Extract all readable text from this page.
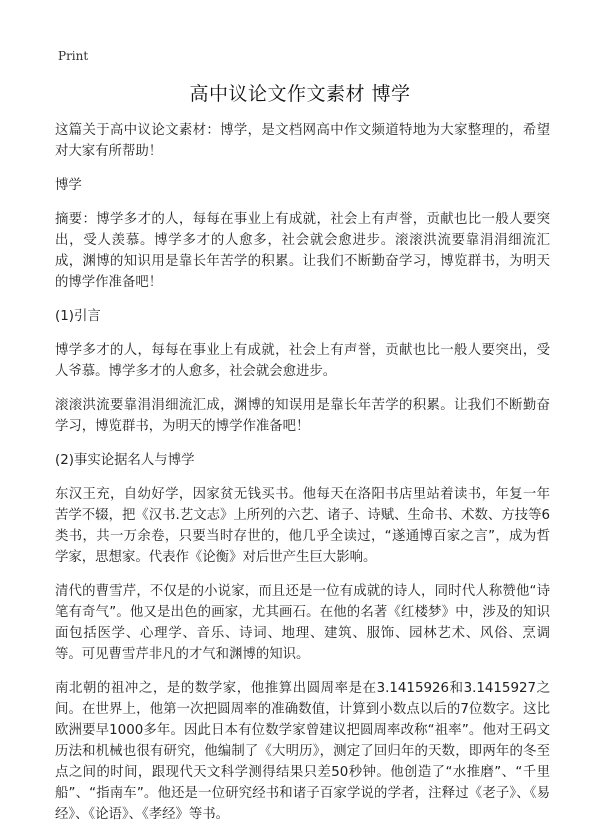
Print
高中议论文作文素材 博学

这篇关于高中议论文素材：博学，是文档网高中作文频道特地为大家整理的，希望对大家有所帮助！

博学

摘要：博学多才的人，每每在事业上有成就，社会上有声誉，贡献也比一般人要突出，受人羡慕。博学多才的人愈多，社会就会愈进步。滚滚洪流要靠涓涓细流汇成，渊博的知识用是靠长年苦学的积累。让我们不断勤奋学习，博览群书，为明天的博学作准备吧！

(1)引言

博学多才的人，每每在事业上有成就，社会上有声誉，贡献也比一般人要突出，受人爷慕。博学多才的人愈多，社会就会愈进步。

滚滚洪流要靠涓涓细流汇成，渊博的知误用是靠长年苦学的积累。让我们不断勤奋学习，博览群书，为明天的博学作准备吧！

(2)事实论据名人与博学

东汉王充，自幼好学，因家贫无钱买书。他每天在洛阳书店里站着读书，年复一年苦学不辍，把《汉书.艺文志》上所列的六艺、诸子、诗赋、生命书、术数、方技等6类书，共一万余卷，只要当时存世的，他几乎全读过，“遂通博百家之言”，成为哲学家，思想家。代表作《论衡》对后世产生巨大影响。

清代的曹雪芹，不仅是的小说家，而且还是一位有成就的诗人，同时代人称赞他“诗笔有奇气”。他又是出色的画家，尤其画石。在他的名著《红楼梦》中，涉及的知识面包括医学、心理学、音乐、诗词、地理、建筑、服饰、园林艺术、风俗、烹调等。可见曹雪芹非凡的才气和渊博的知识。

南北朝的祖冲之，是的数学家，他推算出圆周率是在3.1415926和3.1415927之间。在世界上，他第一次把圆周率的准确数值，计算到小数点以后的7位数字。这比欧洲要早1000多年。因此日本有位数学家曾建议把圆周率改称“祖率”。他对王码文历法和机械也很有研究，他编制了《大明历》，测定了回归年的天数，即两年的冬至点之间的时间，跟现代天文科学测得结果只差50秒钟。他创造了“水推磨”、“千里船”、“指南车”。他还是一位研究经书和诸子百家学说的学者，注释过《老子》、《易经》、《论语》、《孝经》等书。
